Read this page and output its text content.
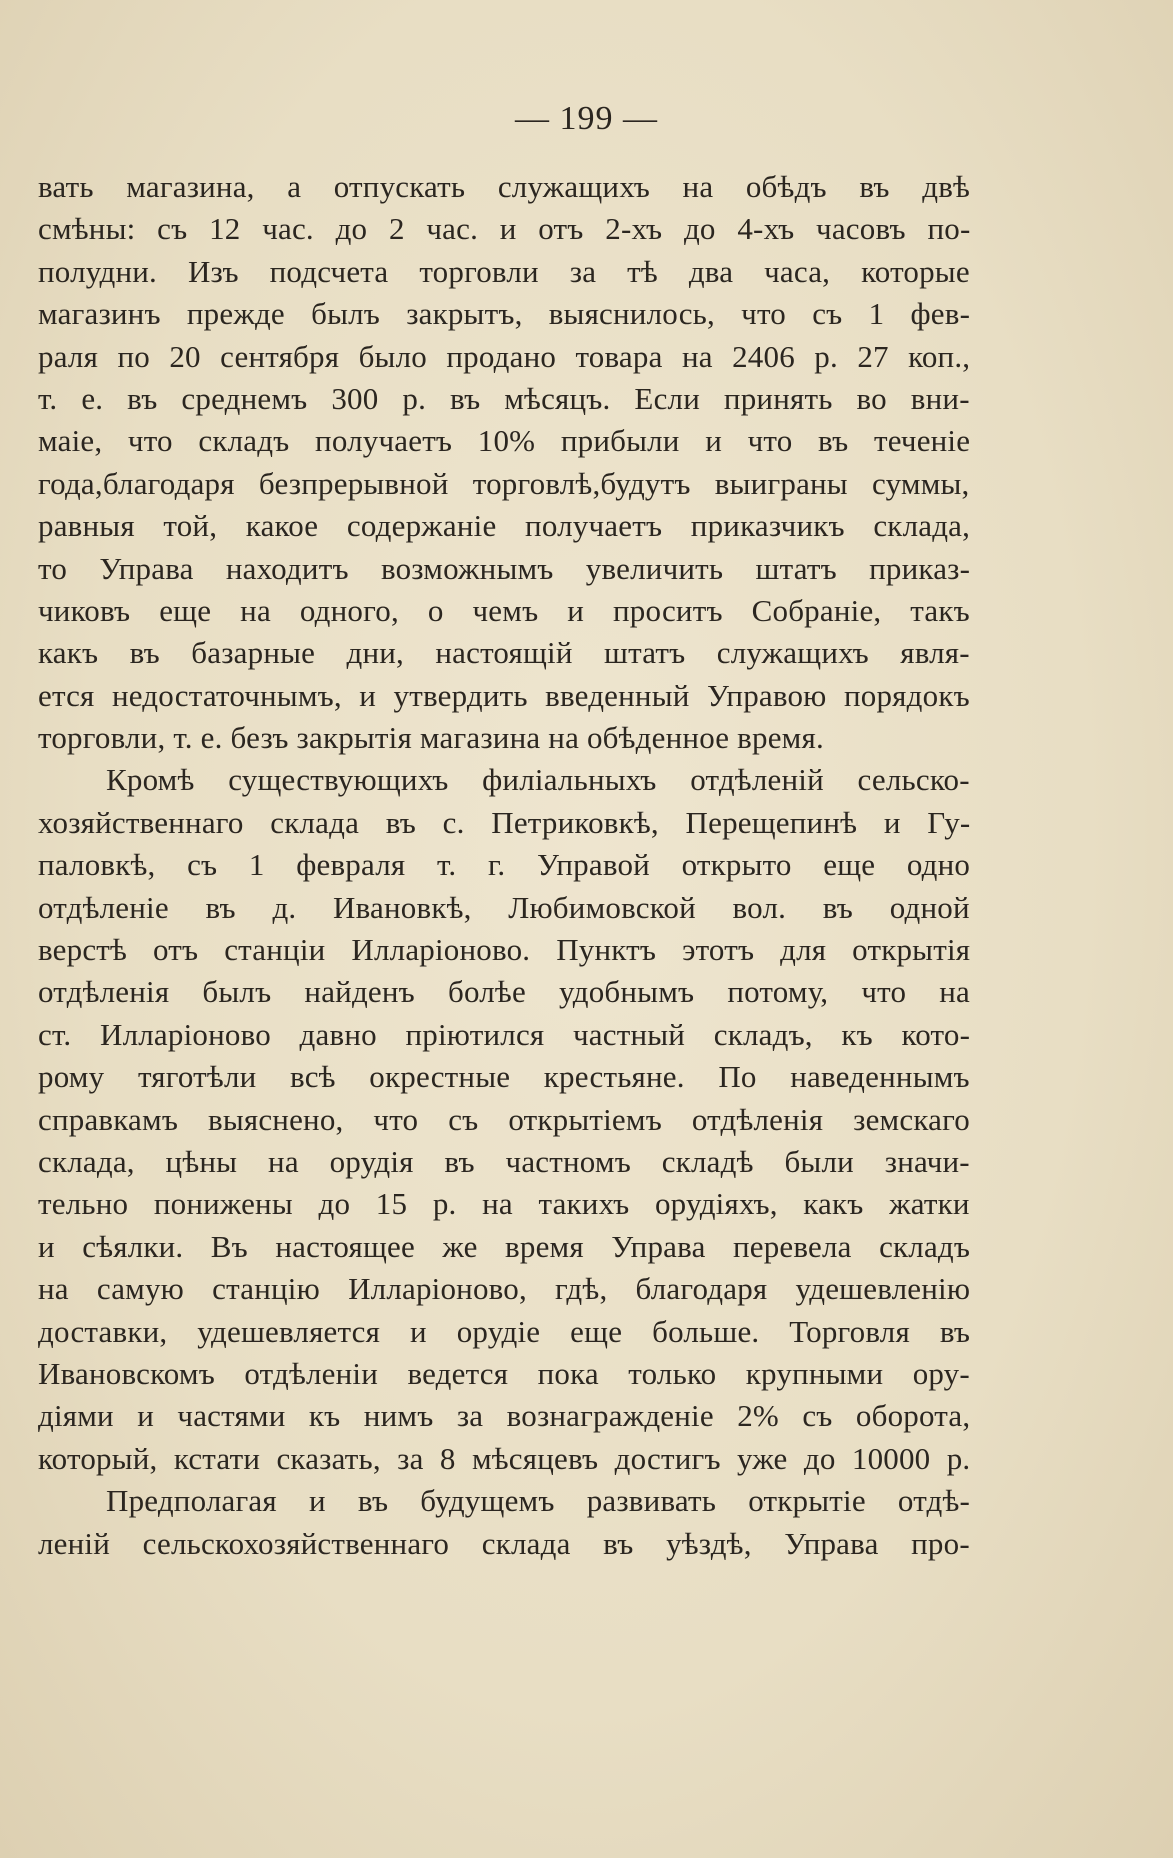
— 199 —
вать магазина, а отпускать служащихъ на обѣдъ въ двѣ
смѣны: съ 12 час. до 2 час. и отъ 2-хъ до 4-хъ часовъ по-
полудни. Изъ подсчета торговли за тѣ два часа, которые
магазинъ прежде былъ закрытъ, выяснилось, что съ 1 фев-
раля по 20 сентября было продано товара на 2406 р. 27 коп.,
т. е. въ среднемъ 300 р. въ мѣсяцъ. Если принять во вни-
маіе, что складъ получаетъ 10% прибыли и что въ теченіе
года,благодаря безпрерывной торговлѣ,будутъ выиграны суммы,
равныя той, какое содержаніе получаетъ приказчикъ склада,
то Управа находитъ возможнымъ увеличить штатъ приказ-
чиковъ еще на одного, о чемъ и проситъ Собраніе, такъ
какъ въ базарные дни, настоящій штатъ служащихъ явля-
ется недостаточнымъ, и утвердить введенный Управою порядокъ
торговли, т. е. безъ закрытія магазина на обѣденное время.
Кромѣ существующихъ филіальныхъ отдѣленій сельско-
хозяйственнаго склада въ с. Петриковкѣ, Перещепинѣ и Гу-
паловкѣ, съ 1 февраля т. г. Управой открыто еще одно
отдѣленіе въ д. Ивановкѣ, Любимовской вол. въ одной
верстѣ отъ станціи Илларіоново. Пунктъ этотъ для открытія
отдѣленія былъ найденъ болѣе удобнымъ потому, что на
ст. Илларіоново давно пріютился частный складъ, къ кото-
рому тяготѣли всѣ окрестные крестьяне. По наведеннымъ
справкамъ выяснено, что съ открытіемъ отдѣленія земскаго
склада, цѣны на орудія въ частномъ складѣ были значи-
тельно понижены до 15 р. на такихъ орудіяхъ, какъ жатки
и сѣялки. Въ настоящее же время Управа перевела складъ
на самую станцію Илларіоново, гдѣ, благодаря удешевленію
доставки, удешевляется и орудіе еще больше. Торговля въ
Ивановскомъ отдѣленіи ведется пока только крупными ору-
діями и частями къ нимъ за вознагражденіе 2% съ оборота,
который, кстати сказать, за 8 мѣсяцевъ достигъ уже до 10000 р.
Предполагая и въ будущемъ развивать открытіе отдѣ-
леній сельскохозяйственнаго склада въ уѣздѣ, Управа про-
